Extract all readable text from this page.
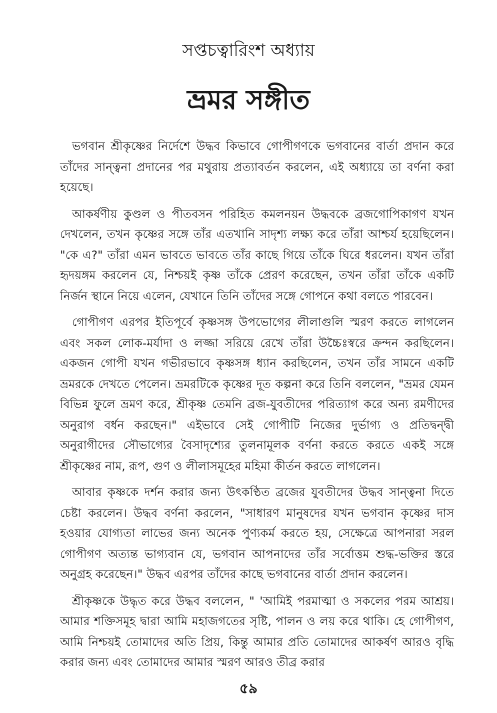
সপ্তচত্বারিংশ অধ্যায়
ভ্রমর সঙ্গীত

ভগবান শ্রীকৃষ্ণের নির্দেশে উদ্ধব কিভাবে গোপীগণকে ভগবানের বার্তা প্রদান করে তাঁদের সান্ত্বনা প্রদানের পর মথুরায় প্রত্যাবর্তন করলেন, এই অধ্যায়ে তা বর্ণনা করা হয়েছে।

আকর্ষণীয় কুণ্ডল ও পীতবসন পরিহিত কমলনয়ন উদ্ধবকে ব্রজগোপিকাগণ যখন দেখলেন, তখন কৃষ্ণের সঙ্গে তাঁর এতখানি সাদৃশ্য লক্ষ্য করে তাঁরা আশ্চর্য হয়েছিলেন। "কে এ?" তাঁরা এমন ভাবতে ভাবতে তাঁর কাছে গিয়ে তাঁকে ঘিরে ধরলেন। যখন তাঁরা হৃদয়ঙ্গম করলেন যে, নিশ্চয়ই কৃষ্ণ তাঁকে প্রেরণ করেছেন, তখন তাঁরা তাঁকে একটি নির্জন স্থানে নিয়ে এলেন, যেখানে তিনি তাঁদের সঙ্গে গোপনে কথা বলতে পারবেন।

গোপীগণ এরপর ইতিপূর্বে কৃষ্ণসঙ্গ উপভোগের লীলাগুলি স্মরণ করতে লাগলেন এবং সকল লোক-মর্যাদা ও লজ্জা সরিয়ে রেখে তাঁরা উচ্চৈঃস্বরে ক্রন্দন করছিলেন। একজন গোপী যখন গভীরভাবে কৃষ্ণসঙ্গ ধ্যান করছিলেন, তখন তাঁর সামনে একটি ভ্রমরকে দেখতে পেলেন। ভ্রমরটিকে কৃষ্ণের দূত কল্পনা করে তিনি বললেন, "ভ্রমর যেমন বিভিন্ন ফুলে ভ্রমণ করে, শ্রীকৃষ্ণ তেমনি ব্রজ-যুবতীদের পরিত্যাগ করে অন্য রমণীদের অনুরাগ বর্ধন করছেন।" এইভাবে সেই গোপীটি নিজের দুর্ভাগ্য ও প্রতিদ্বন্দ্বী অনুরাগীদের সৌভাগ্যের বৈসাদৃশ্যের তুলনামূলক বর্ণনা করতে করতে একই সঙ্গে শ্রীকৃষ্ণের নাম, রূপ, গুণ ও লীলাসমূহের মহিমা কীর্তন করতে লাগলেন।

আবার কৃষ্ণকে দর্শন করার জন্য উৎকণ্ঠিত ব্রজের যুবতীদের উদ্ধব সান্ত্বনা দিতে চেষ্টা করলেন। উদ্ধব বর্ণনা করলেন, "সাধারণ মানুষদের যখন ভগবান কৃষ্ণের দাস হওয়ার যোগ্যতা লাভের জন্য অনেক পুণ্যকর্ম করতে হয়, সেক্ষেত্রে আপনারা সরল গোপীগণ অত্যন্ত ভাগ্যবান যে, ভগবান আপনাদের তাঁর সর্বোত্তম শুদ্ধ-ভক্তির স্তরে অনুগ্রহ করেছেন।" উদ্ধব এরপর তাঁদের কাছে ভগবানের বার্তা প্রদান করলেন।

শ্রীকৃষ্ণকে উদ্ধৃত করে উদ্ধব বললেন, " 'আমিই পরমাত্মা ও সকলের পরম আশ্রয়। আমার শক্তিসমূহ দ্বারা আমি মহাজগতের সৃষ্টি, পালন ও লয় করে থাকি। হে গোপীগণ, আমি নিশ্চয়ই তোমাদের অতি প্রিয়, কিন্তু আমার প্রতি তোমাদের আকর্ষণ আরও বৃদ্ধি করার জন্য এবং তোমাদের আমার স্মরণ আরও তীব্র করার

৫৯
